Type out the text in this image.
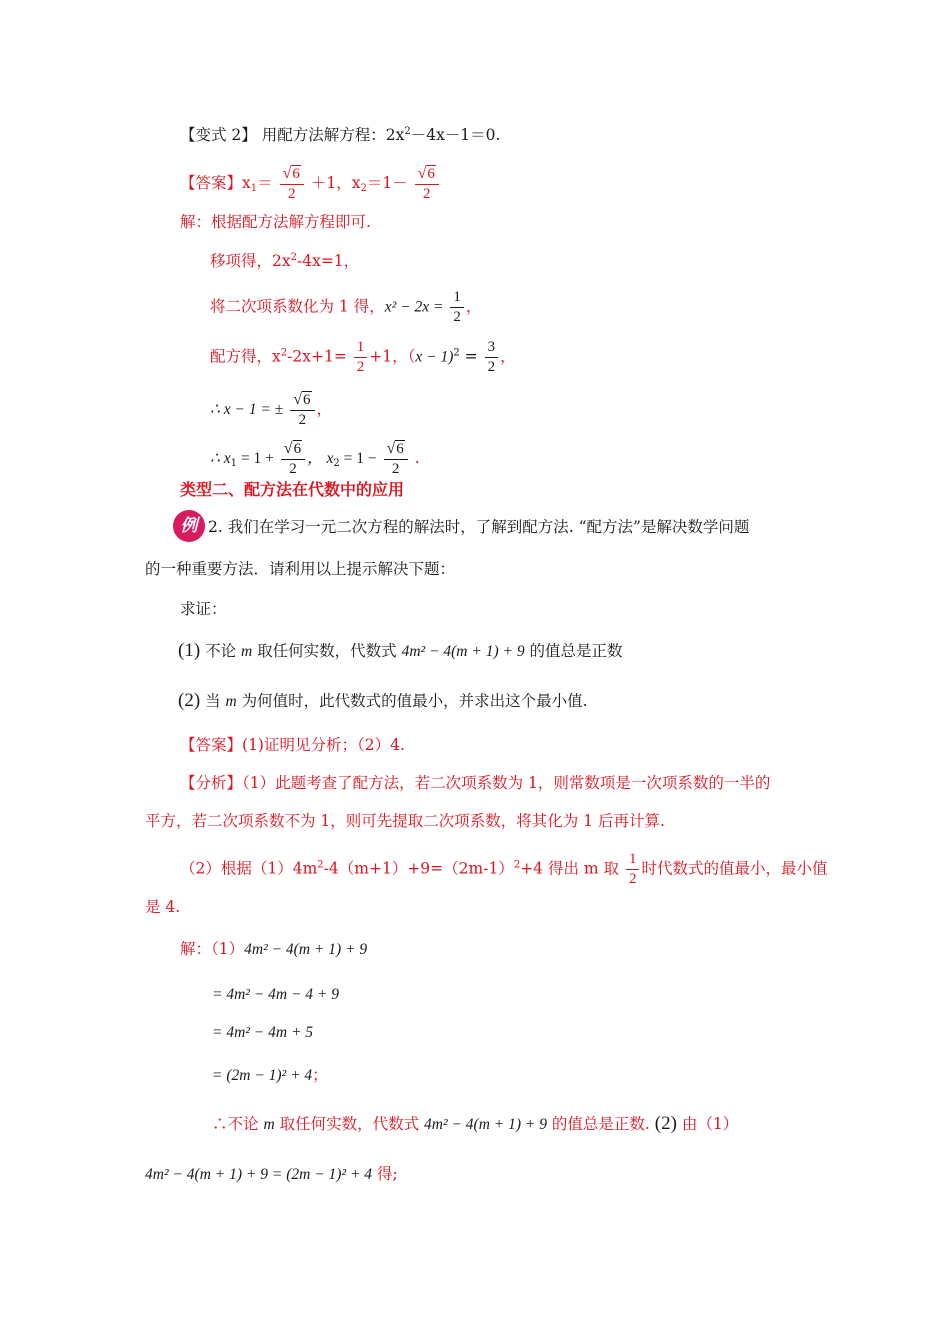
【变式 2】 用配方法解方程：$2x^2-4x-1=0$.
【答案】$x_1= \frac{√6}{2} +1$，$x_2=1- \frac{√6}{2}$
解：根据配方法解方程即可.
移项得，$2x^2-4x=1$，
将二次项系数化为 1 得，$x^2 - 2x = \frac{1}{2}$ ，
配方得，$x^2-2x+1= \frac{1}{2} +1$，$(x - 1)^2 = \frac{3}{2}$ ，
∴ x − 1 = ± $\frac{√6}{2}$ ，
∴ $x_1 = 1 + \frac{√6}{2}$ ， $x_2 = 1 - \frac{√6}{2}$ .
类型二、配方法在代数中的应用
例 2. 我们在学习一元二次方程的解法时，了解到配方法. “配方法”是解决数学问题
的一种重要方法．请利用以上提示解决下题：
求证：
(1) 不论 m 取任何实数，代数式 4m² − 4(m + 1) + 9 的值总是正数
(2) 当 m 为何值时，此代数式的值最小，并求出这个最小值.
【答案】(1)证明见分析；（2）4.
【分析】（1）此题考查了配方法，若二次项系数为 1，则常数项是一次项系数的一半的
平方，若二次项系数不为 1，则可先提取二次项系数，将其化为 1 后再计算.
（2）根据$(1)4m^2-4(m+1)+9=(2m-1)^2+4$ 得出 m 取 $\frac{1}{2}$ 时代数式的值最小，最小值
是 4.
解：（1）4m² − 4(m + 1) + 9
= 4m² − 4m − 4 + 9
= 4m² − 4m + 5
= (2m − 1)² + 4；
∴不论 m 取任何实数，代数式 4m² − 4(m + 1) + 9 的值总是正数. (2) 由（1）
4m² − 4(m + 1) + 9 = (2m − 1)² + 4 得;
